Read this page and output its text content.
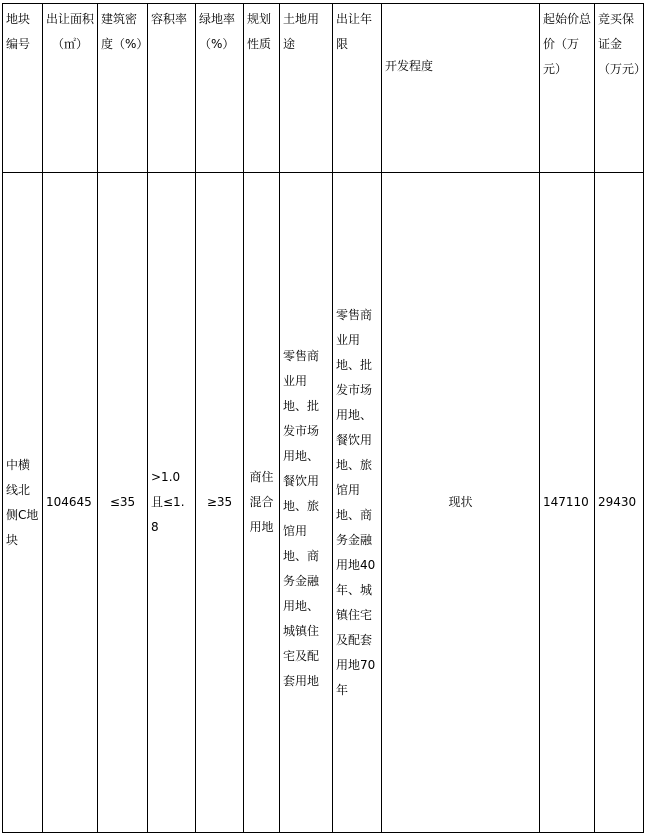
地块编号	出让面积（㎡）	建筑密度（%）	容积率	绿地率（%）	规划性质	土地用途	出让年限	开发程度	起始价总价（万元）	竞买保证金（万元）
中横线北侧C地块	104645	≤35	>1.0且≤1.8	≥35	商住混合用地	零售商业用地、批发市场用地、餐饮用地、旅馆用地、商务金融用地、城镇住宅及配套用地	零售商业用地、批发市场用地、餐饮用地、旅馆用地、商务金融用地40年、城镇住宅及配套用地70年	现状	147110	29430
